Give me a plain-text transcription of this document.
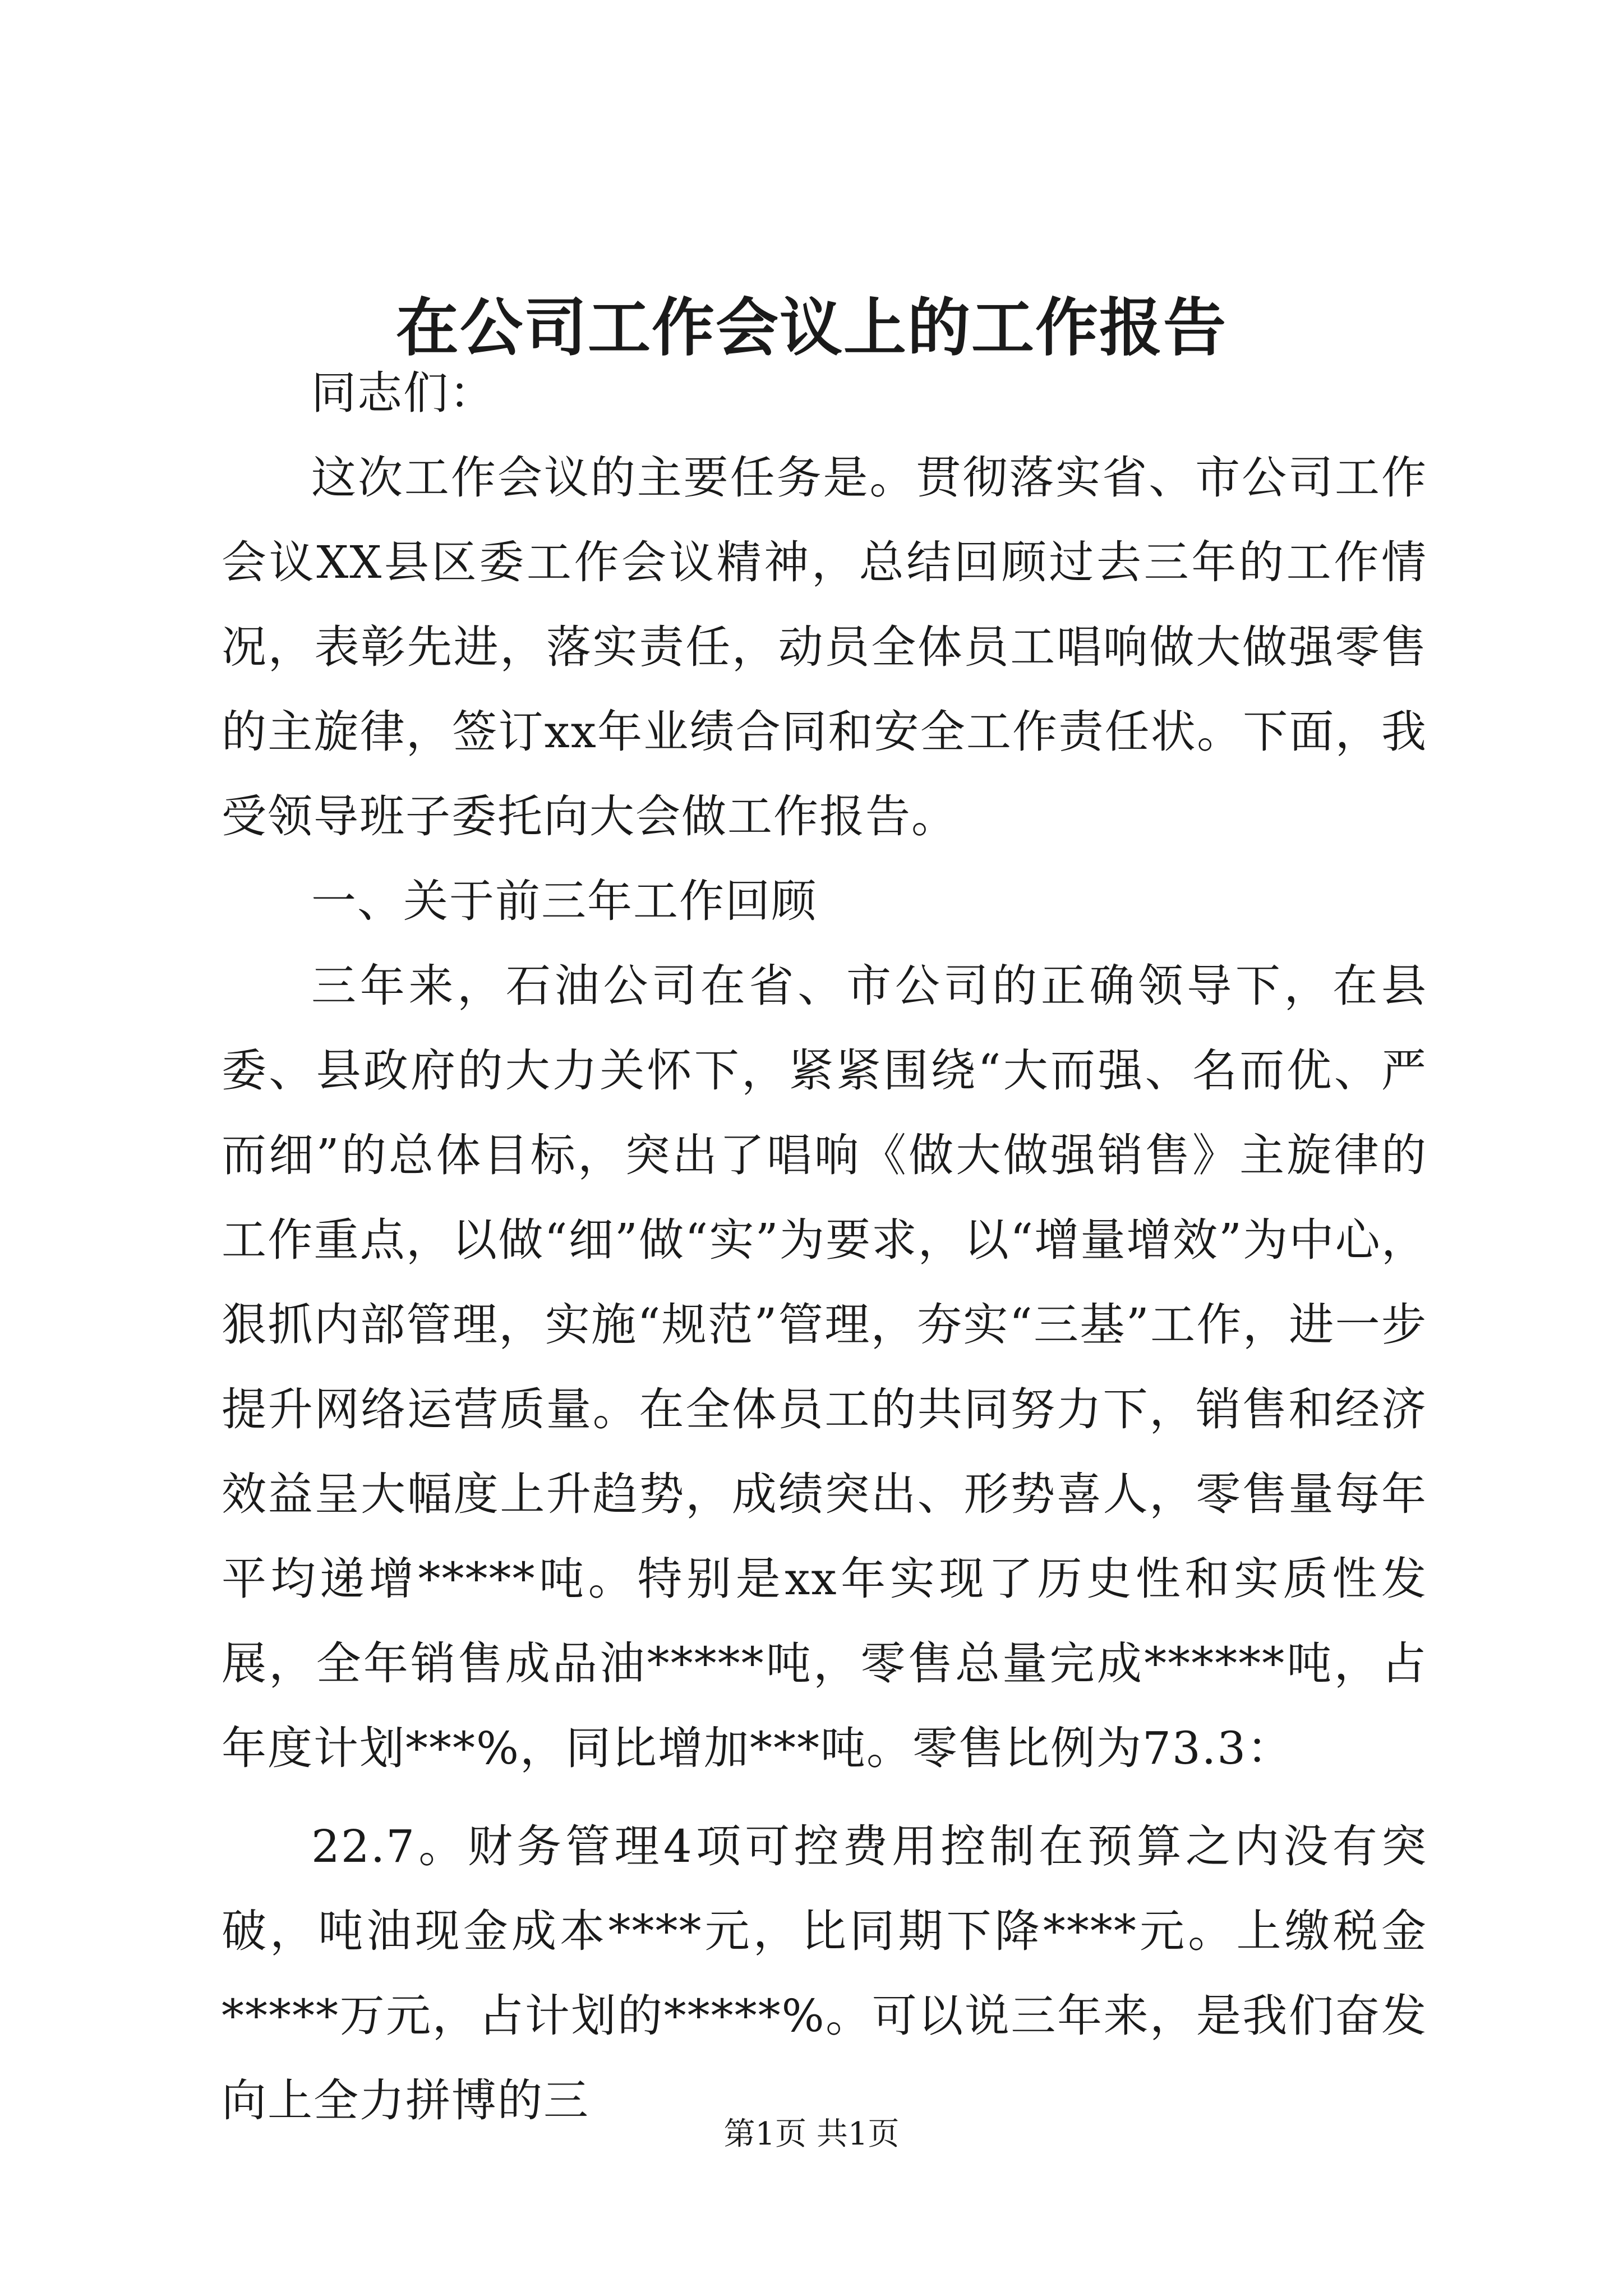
在公司工作会议上的工作报告

同志们：

这次工作会议的主要任务是。贯彻落实省、市公司工作会议XX县区委工作会议精神，总结回顾过去三年的工作情况，表彰先进，落实责任，动员全体员工唱响做大做强零售的主旋律，签订xx年业绩合同和安全工作责任状。下面，我受领导班子委托向大会做工作报告。

一、关于前三年工作回顾

三年来，石油公司在省、市公司的正确领导下，在县委、县政府的大力关怀下，紧紧围绕“大而强、名而优、严而细”的总体目标，突出了唱响《做大做强销售》主旋律的工作重点，以做“细”做“实”为要求，以“增量增效”为中心，狠抓内部管理，实施“规范”管理，夯实“三基”工作，进一步提升网络运营质量。在全体员工的共同努力下，销售和经济效益呈大幅度上升趋势，成绩突出、形势喜人，零售量每年平均递增*****吨。特别是xx年实现了历史性和实质性发展，全年销售成品油*****吨，零售总量完成******吨，占年度计划***%，同比增加***吨。零售比例为73.3：

22.7。财务管理4项可控费用控制在预算之内没有突破，吨油现金成本****元，比同期下降****元。上缴税金*****万元，占计划的*****%。可以说三年来，是我们奋发向上全力拼博的三

第1页 共1页
